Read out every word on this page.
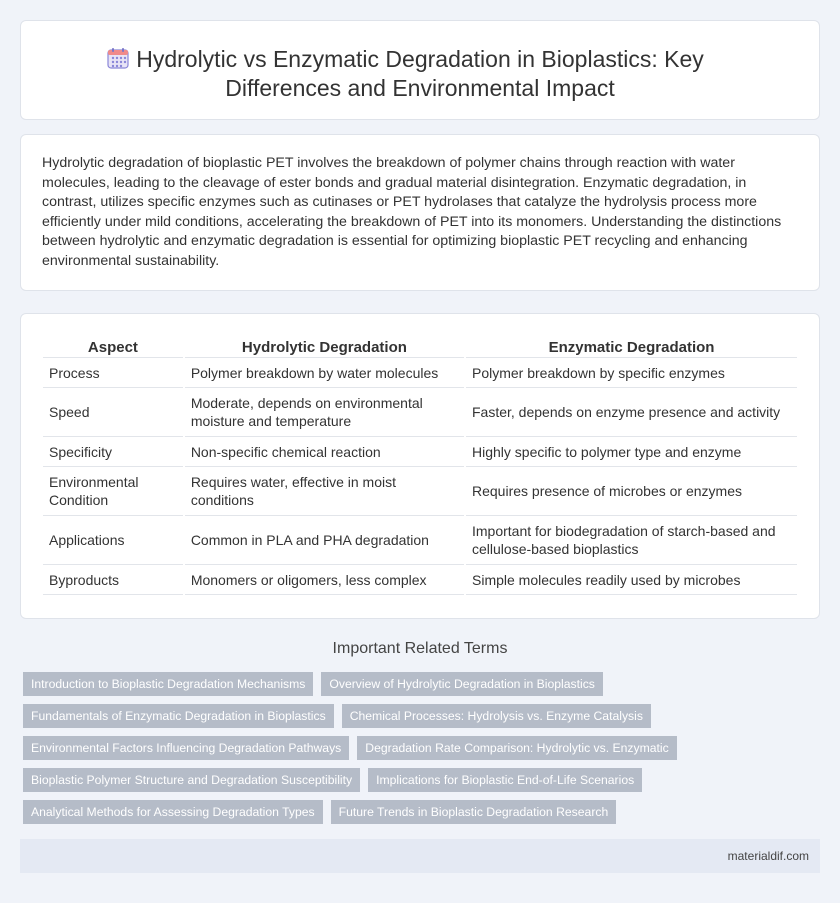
Hydrolytic vs Enzymatic Degradation in Bioplastics: Key Differences and Environmental Impact

Hydrolytic degradation of bioplastic PET involves the breakdown of polymer chains through reaction with water molecules, leading to the cleavage of ester bonds and gradual material disintegration. Enzymatic degradation, in contrast, utilizes specific enzymes such as cutinases or PET hydrolases that catalyze the hydrolysis process more efficiently under mild conditions, accelerating the breakdown of PET into its monomers. Understanding the distinctions between hydrolytic and enzymatic degradation is essential for optimizing bioplastic PET recycling and enhancing environmental sustainability.

Aspect	Hydrolytic Degradation	Enzymatic Degradation
Process	Polymer breakdown by water molecules	Polymer breakdown by specific enzymes
Speed	Moderate, depends on environmental moisture and temperature	Faster, depends on enzyme presence and activity
Specificity	Non-specific chemical reaction	Highly specific to polymer type and enzyme
Environmental Condition	Requires water, effective in moist conditions	Requires presence of microbes or enzymes
Applications	Common in PLA and PHA degradation	Important for biodegradation of starch-based and cellulose-based bioplastics
Byproducts	Monomers or oligomers, less complex	Simple molecules readily used by microbes
Important Related Terms
Introduction to Bioplastic Degradation Mechanisms	Overview of Hydrolytic Degradation in Bioplastics
Fundamentals of Enzymatic Degradation in Bioplastics	Chemical Processes: Hydrolysis vs. Enzyme Catalysis
Environmental Factors Influencing Degradation Pathways	Degradation Rate Comparison: Hydrolytic vs. Enzymatic
Bioplastic Polymer Structure and Degradation Susceptibility	Implications for Bioplastic End-of-Life Scenarios
Analytical Methods for Assessing Degradation Types	Future Trends in Bioplastic Degradation Research
materialdif.com
